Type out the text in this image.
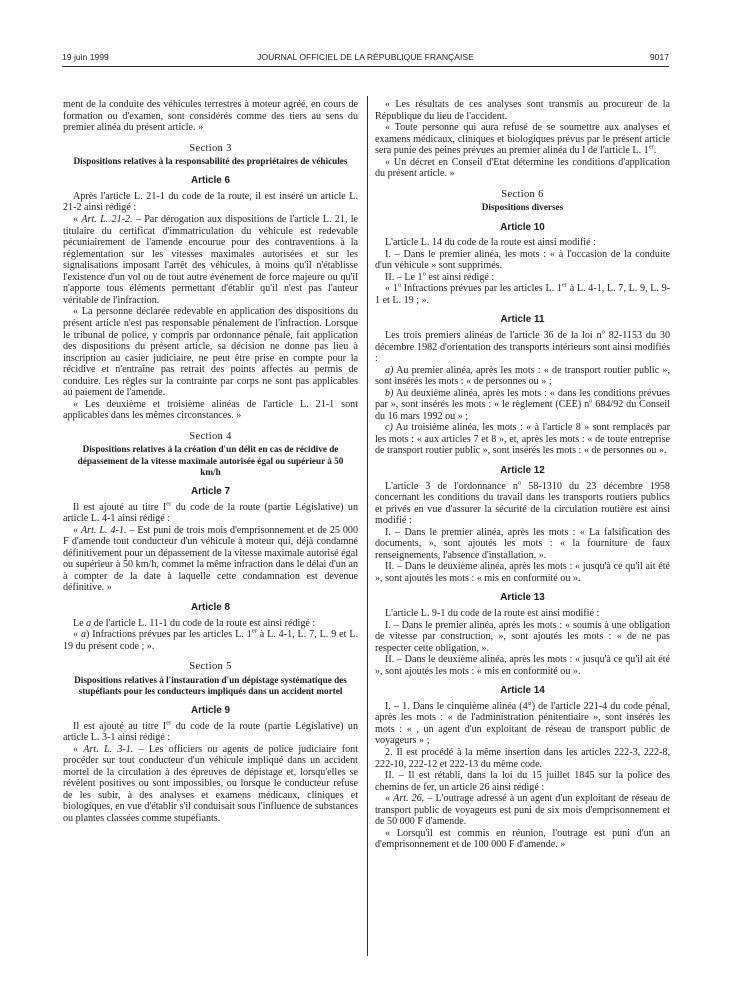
19 juin 1999	JOURNAL OFFICIEL DE LA RÉPUBLIQUE FRANÇAISE	9017

ment de la conduite des véhicules terrestres à moteur agréé, en cours de formation ou d'examen, sont considérés comme des tiers au sens du premier alinéa du présent article. »

Section 3
Dispositions relatives à la responsabilité des propriétaires de véhicules
Article 6

Après l'article L. 21-1 du code de la route, il est inséré un article L. 21-2 ainsi rédigé :

« Art. L. 21-2. – Par dérogation aux dispositions de l'article L. 21, le titulaire du certificat d'immatriculation du véhicule est redevable pécuniairement de l'amende encourue pour des contraventions à la réglementation sur les vitesses maximales autorisées et sur les signalisations imposant l'arrêt des véhicules, à moins qu'il n'établisse l'existence d'un vol ou de tout autre événement de force majeure ou qu'il n'apporte tous éléments permettant d'établir qu'il n'est pas l'auteur véritable de l'infraction.

« La personne déclarée redevable en application des dispositions du présent article n'est pas responsable pénalement de l'infraction. Lorsque le tribunal de police, y compris par ordonnance pénale, fait application des dispositions du présent article, sa décision ne donne pas lieu à inscription au casier judiciaire, ne peut être prise en compte pour la récidive et n'entraîne pas retrait des points affectés au permis de conduire. Les règles sur la contrainte par corps ne sont pas applicables au paiement de l'amende.

« Les deuxième et troisième alinéas de l'article L. 21-1 sont applicables dans les mêmes circonstances. »

Section 4
Dispositions relatives à la création d'un délit en cas de récidive de dépassement de la vitesse maximale autorisée égal ou supérieur à 50 km/h
Article 7

Il est ajouté au titre Ier du code de la route (partie Législative) un article L. 4-1 ainsi rédigé :

« Art. L. 4-1. – Est puni de trois mois d'emprisonnement et de 25 000 F d'amende tout conducteur d'un véhicule à moteur qui, déjà condamné définitivement pour un dépassement de la vitesse maximale autorisé égal ou supérieur à 50 km/h, commet la même infraction dans le délai d'un an à compter de la date à laquelle cette condamnation est devenue définitive. »

Article 8

Le a de l'article L. 11-1 du code de la route est ainsi rédigé :

« a) Infractions prévues par les articles L. 1er à L. 4-1, L. 7, L. 9 et L. 19 du présent code ; ».

Section 5
Dispositions relatives à l'instauration d'un dépistage systématique des stupéfiants pour les conducteurs impliqués dans un accident mortel
Article 9

Il est ajouté au titre Ier du code de la route (partie Législative) un article L. 3-1 ainsi rédigé :

« Art. L. 3-1. – Les officiers ou agents de police judiciaire font procéder sur tout conducteur d'un véhicule impliqué dans un accident mortel de la circulation à des épreuves de dépistage et, lorsqu'elles se révèlent positives ou sont impossibles, ou lorsque le conducteur refuse de les subir, à des analyses et examens médicaux, cliniques et biologiques, en vue d'établir s'il conduisait sous l'influence de substances ou plantes classées comme stupéfiants.

« Les résultats de ces analyses sont transmis au procureur de la République du lieu de l'accident.

« Toute personne qui aura refusé de se soumettre aux analyses et examens médicaux, cliniques et biologiques prévus par le présent article sera punie des peines prévues au premier alinéa du I de l'article L. 1er.

« Un décret en Conseil d'Etat détermine les conditions d'application du présent article. »

Section 6
Dispositions diverses
Article 10

L'article L. 14 du code de la route est ainsi modifié :

I. – Dans le premier alinéa, les mots : « à l'occasion de la conduite d'un véhicule » sont supprimés.

II. – Le 1$^o$ est ainsi rédigé :

« 1$^o$ Infractions prévues par les articles L. 1er à L. 4-1, L. 7, L. 9, L. 9-1 et L. 19 ; ».

Article 11

Les trois premiers alinéas de l'article 36 de la loi $n^o$ 82-1153 du 30 décembre 1982 d'orientation des transports intérieurs sont ainsi modifiés :

a) Au premier alinéa, après les mots : « de transport routier public », sont insérés les mots : « de personnes ou » ;

b) Au deuxième alinéa, après les mots : « dans les conditions prévues par », sont insérés les mots : « le règlement (CEE) $n^o$ 684/92 du Conseil du 16 mars 1992 ou » ;

c) Au troisième alinéa, les mots : « à l'article 8 » sont remplacés par les mots : « aux articles 7 et 8 », et, après les mots : « de toute entreprise de transport routier public », sont insérés les mots : « de personnes ou ».

Article 12

L'article 3 de l'ordonnance $n^o$ 58-1310 du 23 décembre 1958 concernant les conditions du travail dans les transports routiers publics et privés en vue d'assurer la sécurité de la circulation routière est ainsi modifié :

I. – Dans le premier alinéa, après les mots : « La falsification des documents, », sont ajoutés les mots : « la fourniture de faux renseignements, l'absence d'installation, ».

II. – Dans le deuxième alinéa, après les mots : « jusqu'à ce qu'il ait été », sont ajoutés les mots : « mis en conformité ou ».

Article 13

L'article L. 9-1 du code de la route est ainsi modifié :

I. – Dans le premier alinéa, après les mots : « soumis à une obligation de vitesse par construction, », sont ajoutés les mots : « de ne pas respecter cette obligation, ».

II. – Dans le deuxième alinéa, après les mots : « jusqu'à ce qu'il ait été », sont ajoutés les mots : « mis en conformité ou ».

Article 14

I. – 1. Dans le cinquième alinéa (4°) de l'article 221-4 du code pénal, après les mots : « de l'administration pénitentiaire », sont insérés les mots : « , un agent d'un exploitant de réseau de transport public de voyageurs » ;

2. Il est procédé à la même insertion dans les articles 222-3, 222-8, 222-10, 222-12 et 222-13 du même code.

II. – Il est rétabli, dans la loi du 15 juillet 1845 sur la police des chemins de fer, un article 26 ainsi rédigé :

« Art. 26. – L'outrage adressé à un agent d'un exploitant de réseau de transport public de voyageurs est puni de six mois d'emprisonnement et de 50 000 F d'amende.

« Lorsqu'il est commis en réunion, l'outrage est puni d'un an d'emprisonnement et de 100 000 F d'amende. »
